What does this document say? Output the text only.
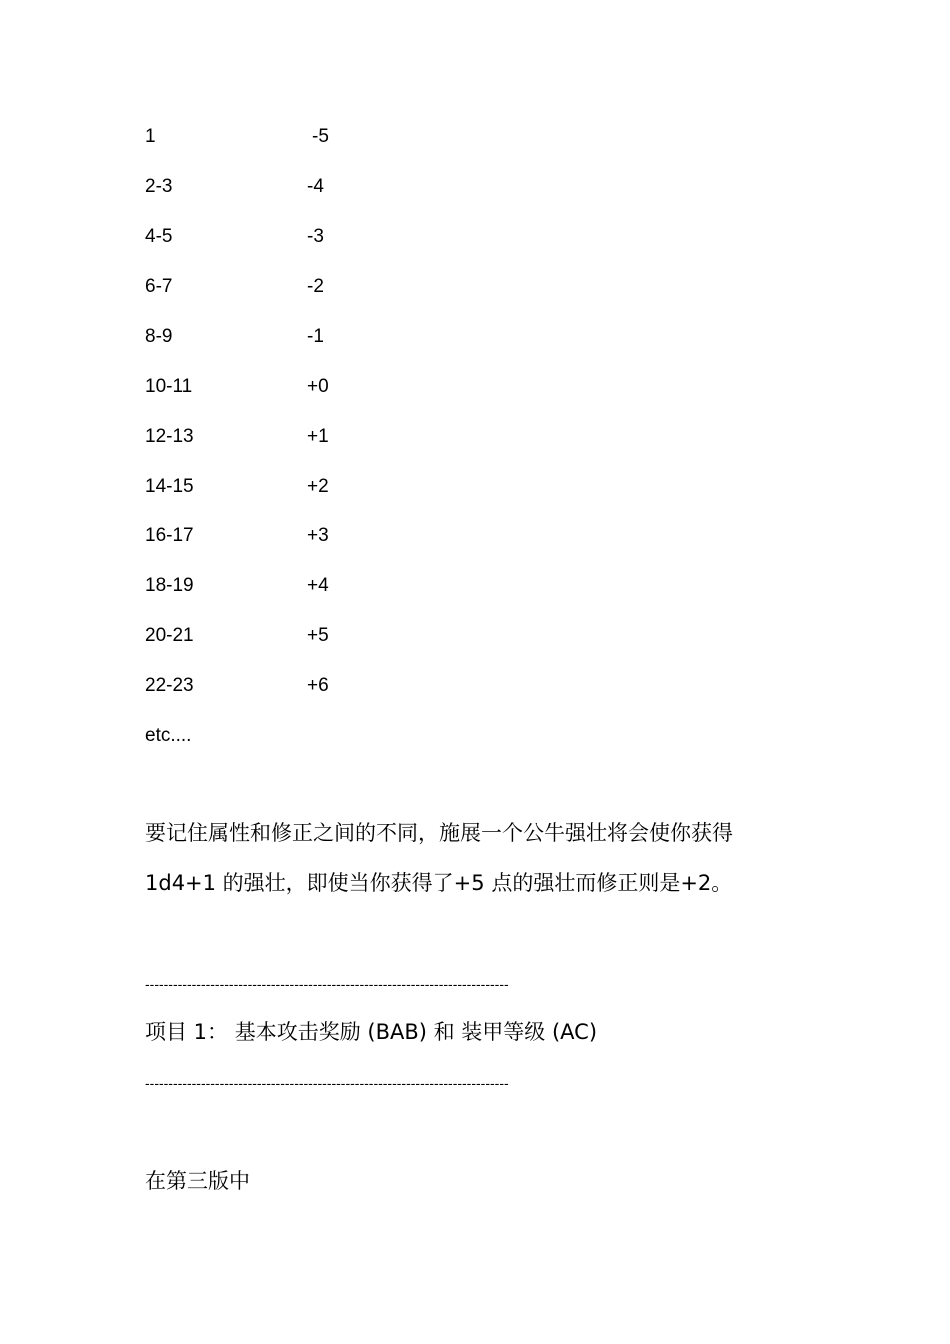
1	-5
2-3	-4
4-5	-3
6-7	-2
8-9	-1
10-11	+0
12-13	+1
14-15	+2
16-17	+3
18-19	+4
20-21	+5
22-23	+6
etc....
要记住属性和修正之间的不同，施展一个公牛强壮将会使你获得
1d4+1 的强壮，即使当你获得了+5 点的强壮而修正则是+2。
------------------------------------------------------------------------------
项目 1： 基本攻击奖励 (BAB) 和 装甲等级 (AC)
------------------------------------------------------------------------------
在第三版中
